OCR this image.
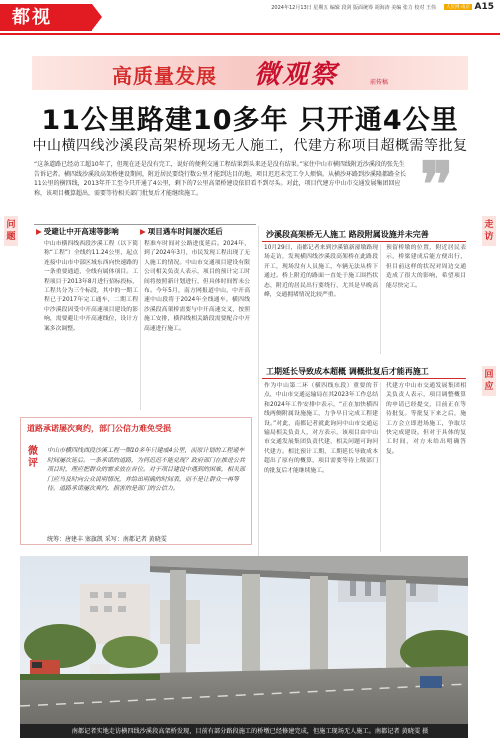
都视	2024年12月13日 星期五 编辑 段剑 版面统筹 胡海涛 美编 张力 校对 王伟	人民网·南京 A15
高质量发展 微观察	前传稿
11公里路建10多年 只开通4公里
中山横四线沙溪段高架桥现场无人施工，代建方称项目超概需等批复
“这条道路已经动工超10年了，但现在还是没有完工，说好的便利交通工程结果到头来还是没有结果。”家住中山市横四线附近沙溪段的张先生告诉记者。横四线沙溪段高架桥建设期间，附近居民要绕行数公里才能到达目的地，项目迟迟未完工令人烦恼。从横沙环路到沙溪隆都路全长11公里的横四线，2013年开工至今只开通了4公里，剩下的7公里高架桥建设依旧看不到尽头。对此，项目代建方中山市交通发展集团回应称，该项目概算超出，需要等待相关部门批复后才能继续施工。	❞
问题
走访
回应
▶ 受避让中开高速等影响	▶ 项目遇车时间屡次延后	沙溪段高架桥无人施工 路段附属设施并未完善
工期延长导致成本超概 调概批复后才能再施工
中山市横四线西段沙溪工程（以下简称“工程”）全线约11.24公里，起点连接中山市中部区域东西向快速路的一条重要通道，全线有属体项目。工程项目于2013年8月进行招标投标，工程共分为三个标段，其中的一期工程已于2017年完工通车，二期工程中沙溪段因受中开高速项目建设的影响，需要避让中开高速线位，设计方案多次调整。
程准车时间对公路进度延后。2024年，到了2024年3月，市民发现工程出现了无人施工的情况。中山市交通项目建设有限公司相关负责人表示，项目的预计完工时间将按照新计划进行，但具体时间暂未公布。今年5月，南方网报道中山，中开高速中山段将于2024年全线通车，横四线沙溪段高架桥需要与中开高速交叉，按照施工安排，横四线相关路段需要配合中开高速进行施工。
10月29日，南都记者来到沙溪镇新濠墩路现场走访，发现横四线沙溪段高架桥在此路段开工，现场没有人员施工，车辆无法从桥下通过。桥上附近的路面一直处于施工围挡状态，附近的居民出行要绕行，尤其是早晚高峰，交通拥堵情况比较严重。
预留桥墩的位置，附近居民表示，桥梁建成后能方便出行，但目前这样的状况对周边交通造成了很大的影响，希望项目能尽快完工。
作为中山第二环（横四线东段）重要的节点，中山市交通运输局在其2023年工作总结和2024年工作安排中表示，“正在加快横四线两侧附属设施施工，力争早日完成工程建设。”对此，南都记者就此询问中山市交通运输局相关负责人，对方表示，该项目由中山市交通发展集团负责代建，相关问题可询问代建方。相比预计工期，工期延长导致成本超出了原有的概算，项目需要等待上级部门的批复后才能继续施工。
代建方中山市交通发展集团相关负责人表示，项目调整概算的申请已经提交，目前正在等待批复。等批复下来之后，施工方会立即进场施工，争取尽快完成建设。但对于具体的复工时间，对方未给出明确答复。
道路承诺屡次爽约，部门公信力难免受损
微评
中山市横四线西段沙溪工程一期10多年只建成4公里，而原计划的工程通车时间屡次延后。一条承诺的道路，为何迟迟不能兑现？政府部门在推进公共项目时，理应把群众的需求放在首位。对于项目建设中遇到的困难，相关部门应当及时向公众说明情况，并给出明确的时间表，而不是让群众一再等待。道路承诺屡次爽约，损害的是部门的公信力。
统筹：唐建丰 塞旗凯 采写：南都记者 黄晓雯
南都记者实地走访横四线沙溪段高架桥发现，目前有部分路段施工的桥墩已经修建完成，但施工现场无人施工。南都记者 黄晓雯 摄
